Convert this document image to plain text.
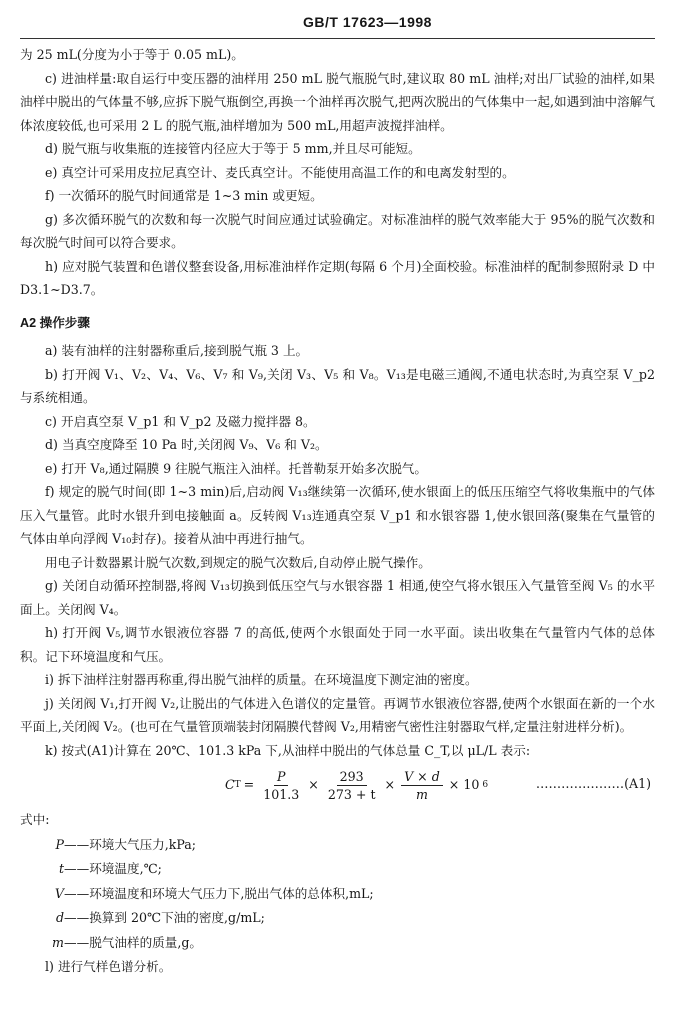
GB/T 17623—1998

为 25 mL(分度为小于等于 0.05 mL)。

c) 进油样量:取自运行中变压器的油样用 250 mL 脱气瓶脱气时,建议取 80 mL 油样;对出厂试验的油样,如果油样中脱出的气体量不够,应拆下脱气瓶倒空,再换一个油样再次脱气,把两次脱出的气体集中一起,如遇到油中溶解气体浓度较低,也可采用 2 L 的脱气瓶,油样增加为 500 mL,用超声波搅拌油样。

d) 脱气瓶与收集瓶的连接管内径应大于等于 5 mm,并且尽可能短。

e) 真空计可采用皮拉尼真空计、麦氏真空计。不能使用高温工作的和电离发射型的。

f) 一次循环的脱气时间通常是 1~3 min 或更短。

g) 多次循环脱气的次数和每一次脱气时间应通过试验确定。对标准油样的脱气效率能大于 95%的脱气次数和每次脱气时间可以符合要求。

h) 应对脱气装置和色谱仪整套设备,用标准油样作定期(每隔 6 个月)全面校验。标准油样的配制参照附录 D 中 D3.1~D3.7。

A2 操作步骤

a) 装有油样的注射器称重后,接到脱气瓶 3 上。

b) 打开阀 V₁、V₂、V₄、V₆、V₇ 和 V₉,关闭 V₃、V₅ 和 V₈。V₁₃是电磁三通阀,不通电状态时,为真空泵 V_p2 与系统相通。

c) 开启真空泵 V_p1 和 V_p2 及磁力搅拌器 8。

d) 当真空度降至 10 Pa 时,关闭阀 V₉、V₆ 和 V₂。

e) 打开 V₈,通过隔膜 9 往脱气瓶注入油样。托普勒泵开始多次脱气。

f) 规定的脱气时间(即 1~3 min)后,启动阀 V₁₃继续第一次循环,使水银面上的低压压缩空气将收集瓶中的气体压入气量管。此时水银升到电接触面 a。反转阀 V₁₃连通真空泵 V_p1 和水银容器 1,使水银回落(聚集在气量管的气体由单向浮阀 V₁₀封存)。接着从油中再进行抽气。

用电子计数器累计脱气次数,到规定的脱气次数后,自动停止脱气操作。

g) 关闭自动循环控制器,将阀 V₁₃切换到低压空气与水银容器 1 相通,使空气将水银压入气量管至阀 V₅ 的水平面上。关闭阀 V₄。

h) 打开阀 V₅,调节水银液位容器 7 的高低,使两个水银面处于同一水平面。读出收集在气量管内气体的总体积。记下环境温度和气压。

i) 拆下油样注射器再称重,得出脱气油样的质量。在环境温度下测定油的密度。

j) 关闭阀 V₁,打开阀 V₂,让脱出的气体进入色谱仪的定量管。再调节水银液位容器,使两个水银面在新的一个水平面上,关闭阀 V₂。(也可在气量管顶端装封闭隔膜代替阀 V₂,用精密气密性注射器取气样,定量注射进样分析)。

k) 按式(A1)计算在 20℃、101.3 kPa 下,从油样中脱出的气体总量 C_T,以 μL/L 表示:

C $T = \frac{P}{101.3} \times \frac{293}{273 + t} \times \frac{V \times d}{m} \times 10$ 6	…………………(A1)

式中:

P——环境大气压力,kPa;

t——环境温度,℃;

V——环境温度和环境大气压力下,脱出气体的总体积,mL;

d——换算到 20℃下油的密度,g/mL;

m——脱气油样的质量,g。

l) 进行气样色谱分析。
